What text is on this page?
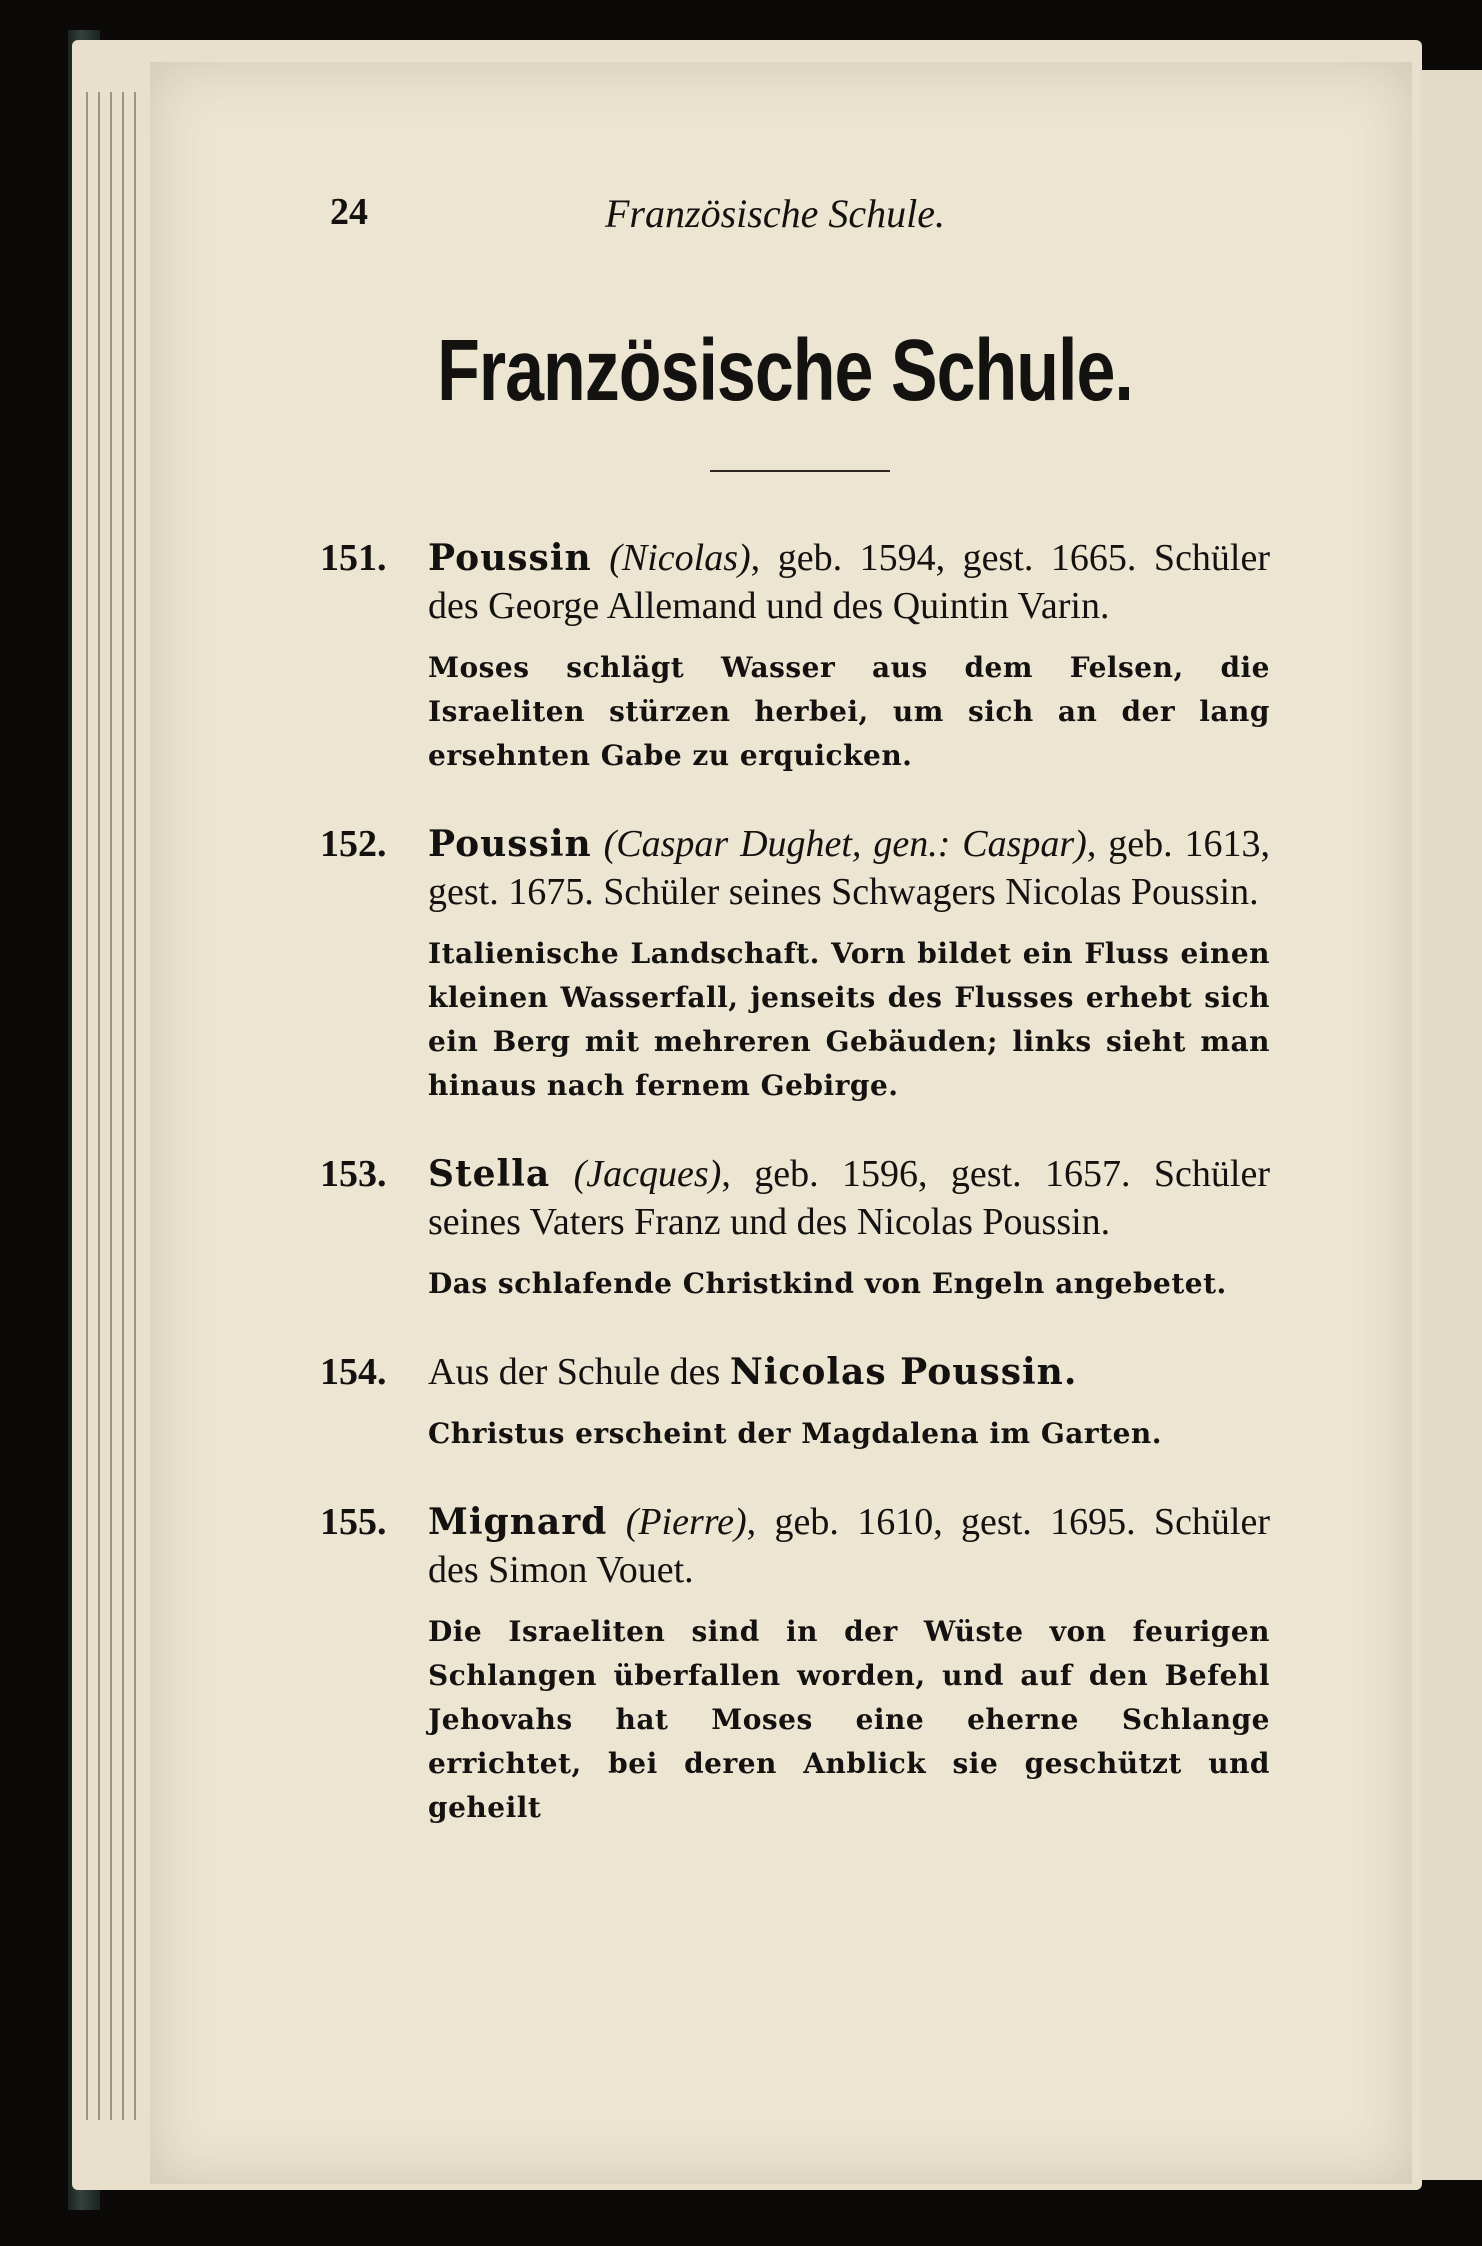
24	Französische Schule.
Französische Schule.
151. Poussin (Nicolas), geb. 1594, gest. 1665. Schüler des George Allemand und des Quintin Varin.
Moses schlägt Wasser aus dem Felsen, die Israeliten stürzen herbei, um sich an der lang ersehnten Gabe zu erquicken.
152. Poussin (Caspar Dughet, gen.: Caspar), geb. 1613, gest. 1675. Schüler seines Schwagers Nicolas Poussin.
Italienische Landschaft. Vorn bildet ein Fluss einen kleinen Wasserfall, jenseits des Flusses erhebt sich ein Berg mit mehreren Gebäuden; links sieht man hinaus nach fernem Gebirge.
153. Stella (Jacques), geb. 1596, gest. 1657. Schüler seines Vaters Franz und des Nicolas Poussin.
Das schlafende Christkind von Engeln angebetet.
154. Aus der Schule des Nicolas Poussin.
Christus erscheint der Magdalena im Garten.
155. Mignard (Pierre), geb. 1610, gest. 1695. Schüler des Simon Vouet.
Die Israeliten sind in der Wüste von feurigen Schlangen überfallen worden, und auf den Befehl Jehovahs hat Moses eine eherne Schlange errichtet, bei deren Anblick sie geschützt und geheilt
